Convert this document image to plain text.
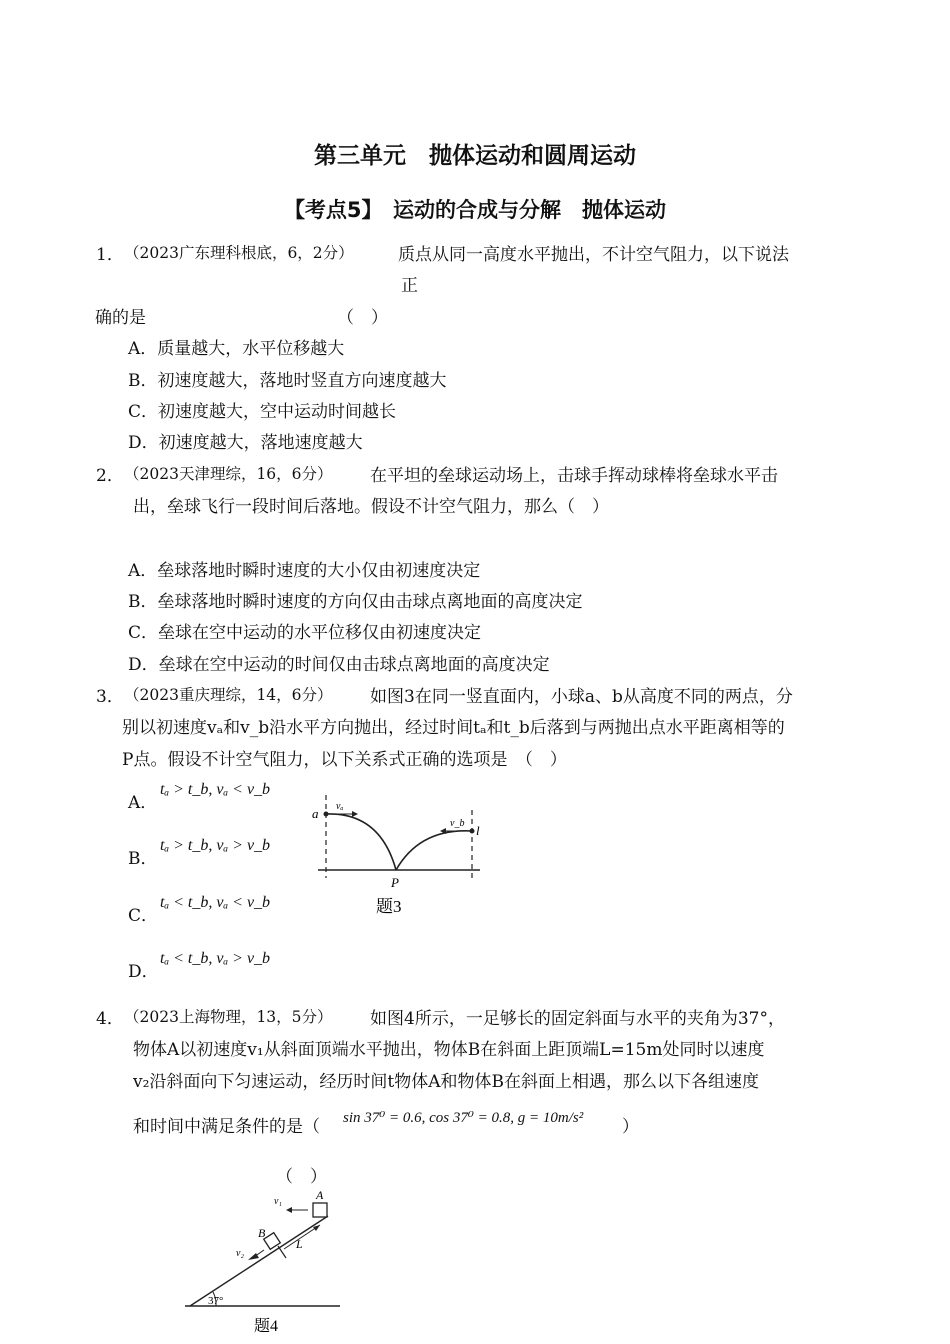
第三单元　抛体运动和圆周运动
【考点5】　运动的合成与分解　抛体运动
1． （2023广东理科根底，6，2分）	质点从同一高度水平抛出，不计空气阻力，以下说法
正
确的是	（　）
A．质量越大，水平位移越大
B．初速度越大，落地时竖直方向速度越大
C．初速度越大，空中运动时间越长
D．初速度越大，落地速度越大
2． （2023天津理综，16，6分） 在平坦的垒球运动场上，击球手挥动球棒将垒球水平击
出，垒球飞行一段时间后落地。假设不计空气阻力，那么（　）
A．垒球落地时瞬时速度的大小仅由初速度决定
B．垒球落地时瞬时速度的方向仅由击球点离地面的高度决定
C．垒球在空中运动的水平位移仅由初速度决定
D．垒球在空中运动的时间仅由击球点离地面的高度决定
3． （2023重庆理综，14，6分） 如图3在同一竖直面内，小球a、b从高度不同的两点，分
别以初速度vₐ和v_b沿水平方向抛出，经过时间tₐ和t_b后落到与两抛出点水平距离相等的
P点。假设不计空气阻力，以下关系式正确的选项是　（　）
A．
tₐ > t_b, vₐ < v_b
B．
tₐ > t_b, vₐ > v_b
C．
tₐ < t_b, vₐ < v_b
D．
tₐ < t_b, vₐ > v_b
a
l
vₐ
v_b
P
题3
4． （2023上海物理，13，5分） 如图4所示，一足够长的固定斜面与水平的夹角为37°，
物体A以初速度v₁从斜面顶端水平抛出，物体B在斜面上距顶端L=15m处同时以速度
v₂沿斜面向下匀速运动，经历时间t物体A和物体B在斜面上相遇，那么以下各组速度
和时间中满足条件的是（ sin 37⁰ = 0.6, cos 37⁰ = 0.8, g = 10m/s² ）
（　）
A
B
L
v₁
v₂
37°
题4
